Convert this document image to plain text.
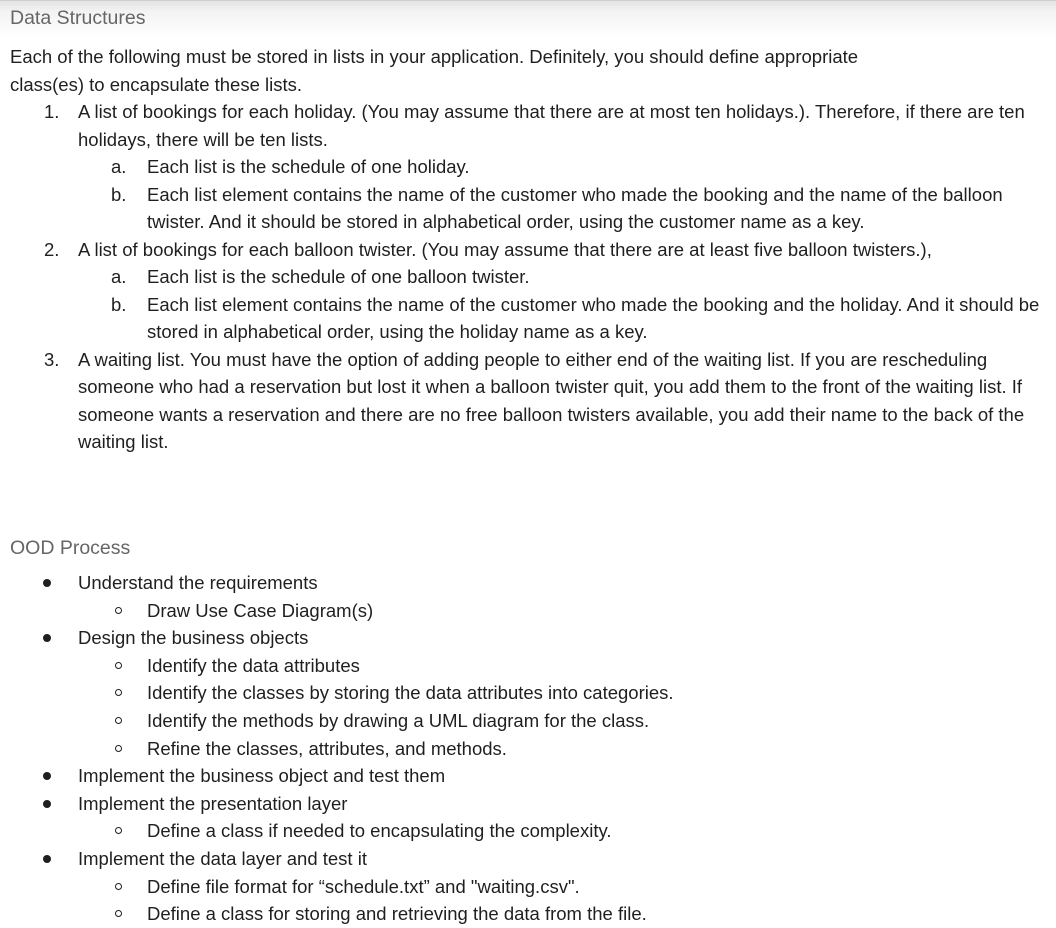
Data Structures

Each of the following must be stored in lists in your application. Definitely, you should define appropriate

class(es) to encapsulate these lists.

1. A list of bookings for each holiday. (You may assume that there are at most ten holidays.). Therefore, if there are ten holidays, there will be ten lists.
a. Each list is the schedule of one holiday.
b. Each list element contains the name of the customer who made the booking and the name of the balloon twister. And it should be stored in alphabetical order, using the customer name as a key.
2. A list of bookings for each balloon twister. (You may assume that there are at least five balloon twisters.),
a. Each list is the schedule of one balloon twister.
b. Each list element contains the name of the customer who made the booking and the holiday. And it should be stored in alphabetical order, using the holiday name as a key.
3. A waiting list. You must have the option of adding people to either end of the waiting list. If you are rescheduling someone who had a reservation but lost it when a balloon twister quit, you add them to the front of the waiting list. If someone wants a reservation and there are no free balloon twisters available, you add their name to the back of the waiting list.
OOD Process
Understand the requirements
Draw Use Case Diagram(s)
Design the business objects
Identify the data attributes
Identify the classes by storing the data attributes into categories.
Identify the methods by drawing a UML diagram for the class.
Refine the classes, attributes, and methods.
Implement the business object and test them
Implement the presentation layer
Define a class if needed to encapsulating the complexity.
Implement the data layer and test it
Define file format for “schedule.txt” and "waiting.csv".
Define a class for storing and retrieving the data from the file.
